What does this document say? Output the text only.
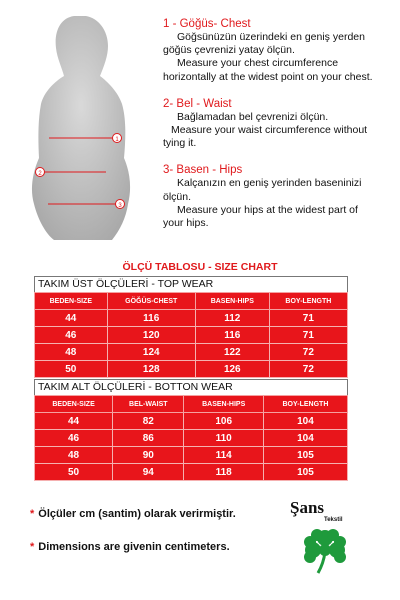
1
2
3
1 - Göğüs- Chest
Göğsünüzün üzerindeki en geniş yerden
göğüs çevrenizi yatay ölçün.
Measure your chest circumference
horizontally at the widest point on your chest.
2- Bel - Waist
Bağlamadan bel çevrenizi ölçün.
Measure your waist circumference without
tying it.
3- Basen - Hips
Kalçanızın en geniş yerinden baseninizi
ölçün.
Measure your hips at the widest part of
your hips.
ÖLÇÜ TABLOSU - SIZE CHART
TAKIM ÜST ÖLÇÜLERİ - TOP WEAR
BEDEN-SIZE	GÖĞÜS-CHEST	BASEN-HIPS	BOY-LENGTH
44	116	112	71
46	120	116	71
48	124	122	72
50	128	126	72
TAKIM ALT ÖLÇÜLERİ - BOTTON WEAR
BEDEN-SIZE	BEL-WAIST	BASEN-HIPS	BOY-LENGTH
44	82	106	104
46	86	110	104
48	90	114	105
50	94	118	105
* Ölçüler cm (santim) olarak verirmiştir.
* Dimensions are givenin centimeters.
Şans
Tekstil
